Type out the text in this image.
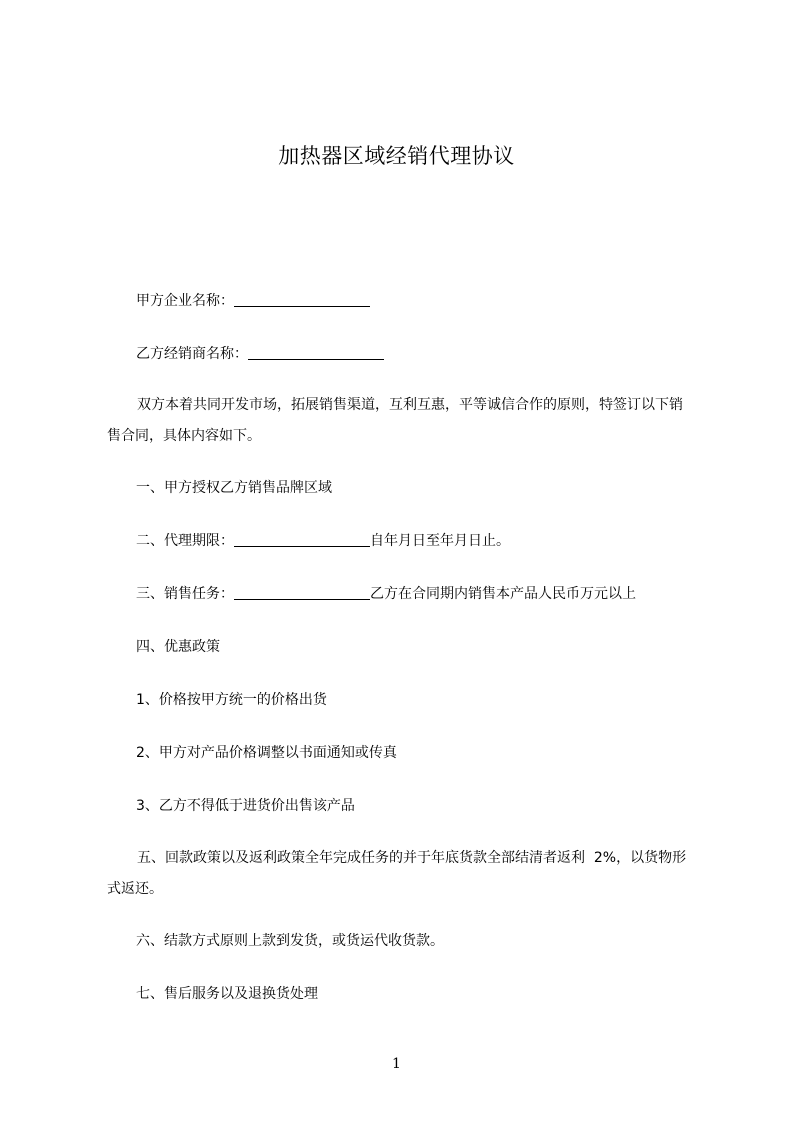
加热器区域经销代理协议
甲方企业名称：
乙方经销商名称：
双方本着共同开发市场，拓展销售渠道，互利互惠，平等诚信合作的原则，特签订以下销售合同，具体内容如下。
一、甲方授权乙方销售品牌区域
二、代理期限：	自年月日至年月日止。
三、销售任务：	乙方在合同期内销售本产品人民币万元以上
四、优惠政策
1、价格按甲方统一的价格出货
2、甲方对产品价格调整以书面通知或传真
3、乙方不得低于进货价出售该产品
五、回款政策以及返利政策全年完成任务的并于年底货款全部结清者返利  2%，以货物形式返还。
六、结款方式原则上款到发货，或货运代收货款。
七、售后服务以及退换货处理
1
